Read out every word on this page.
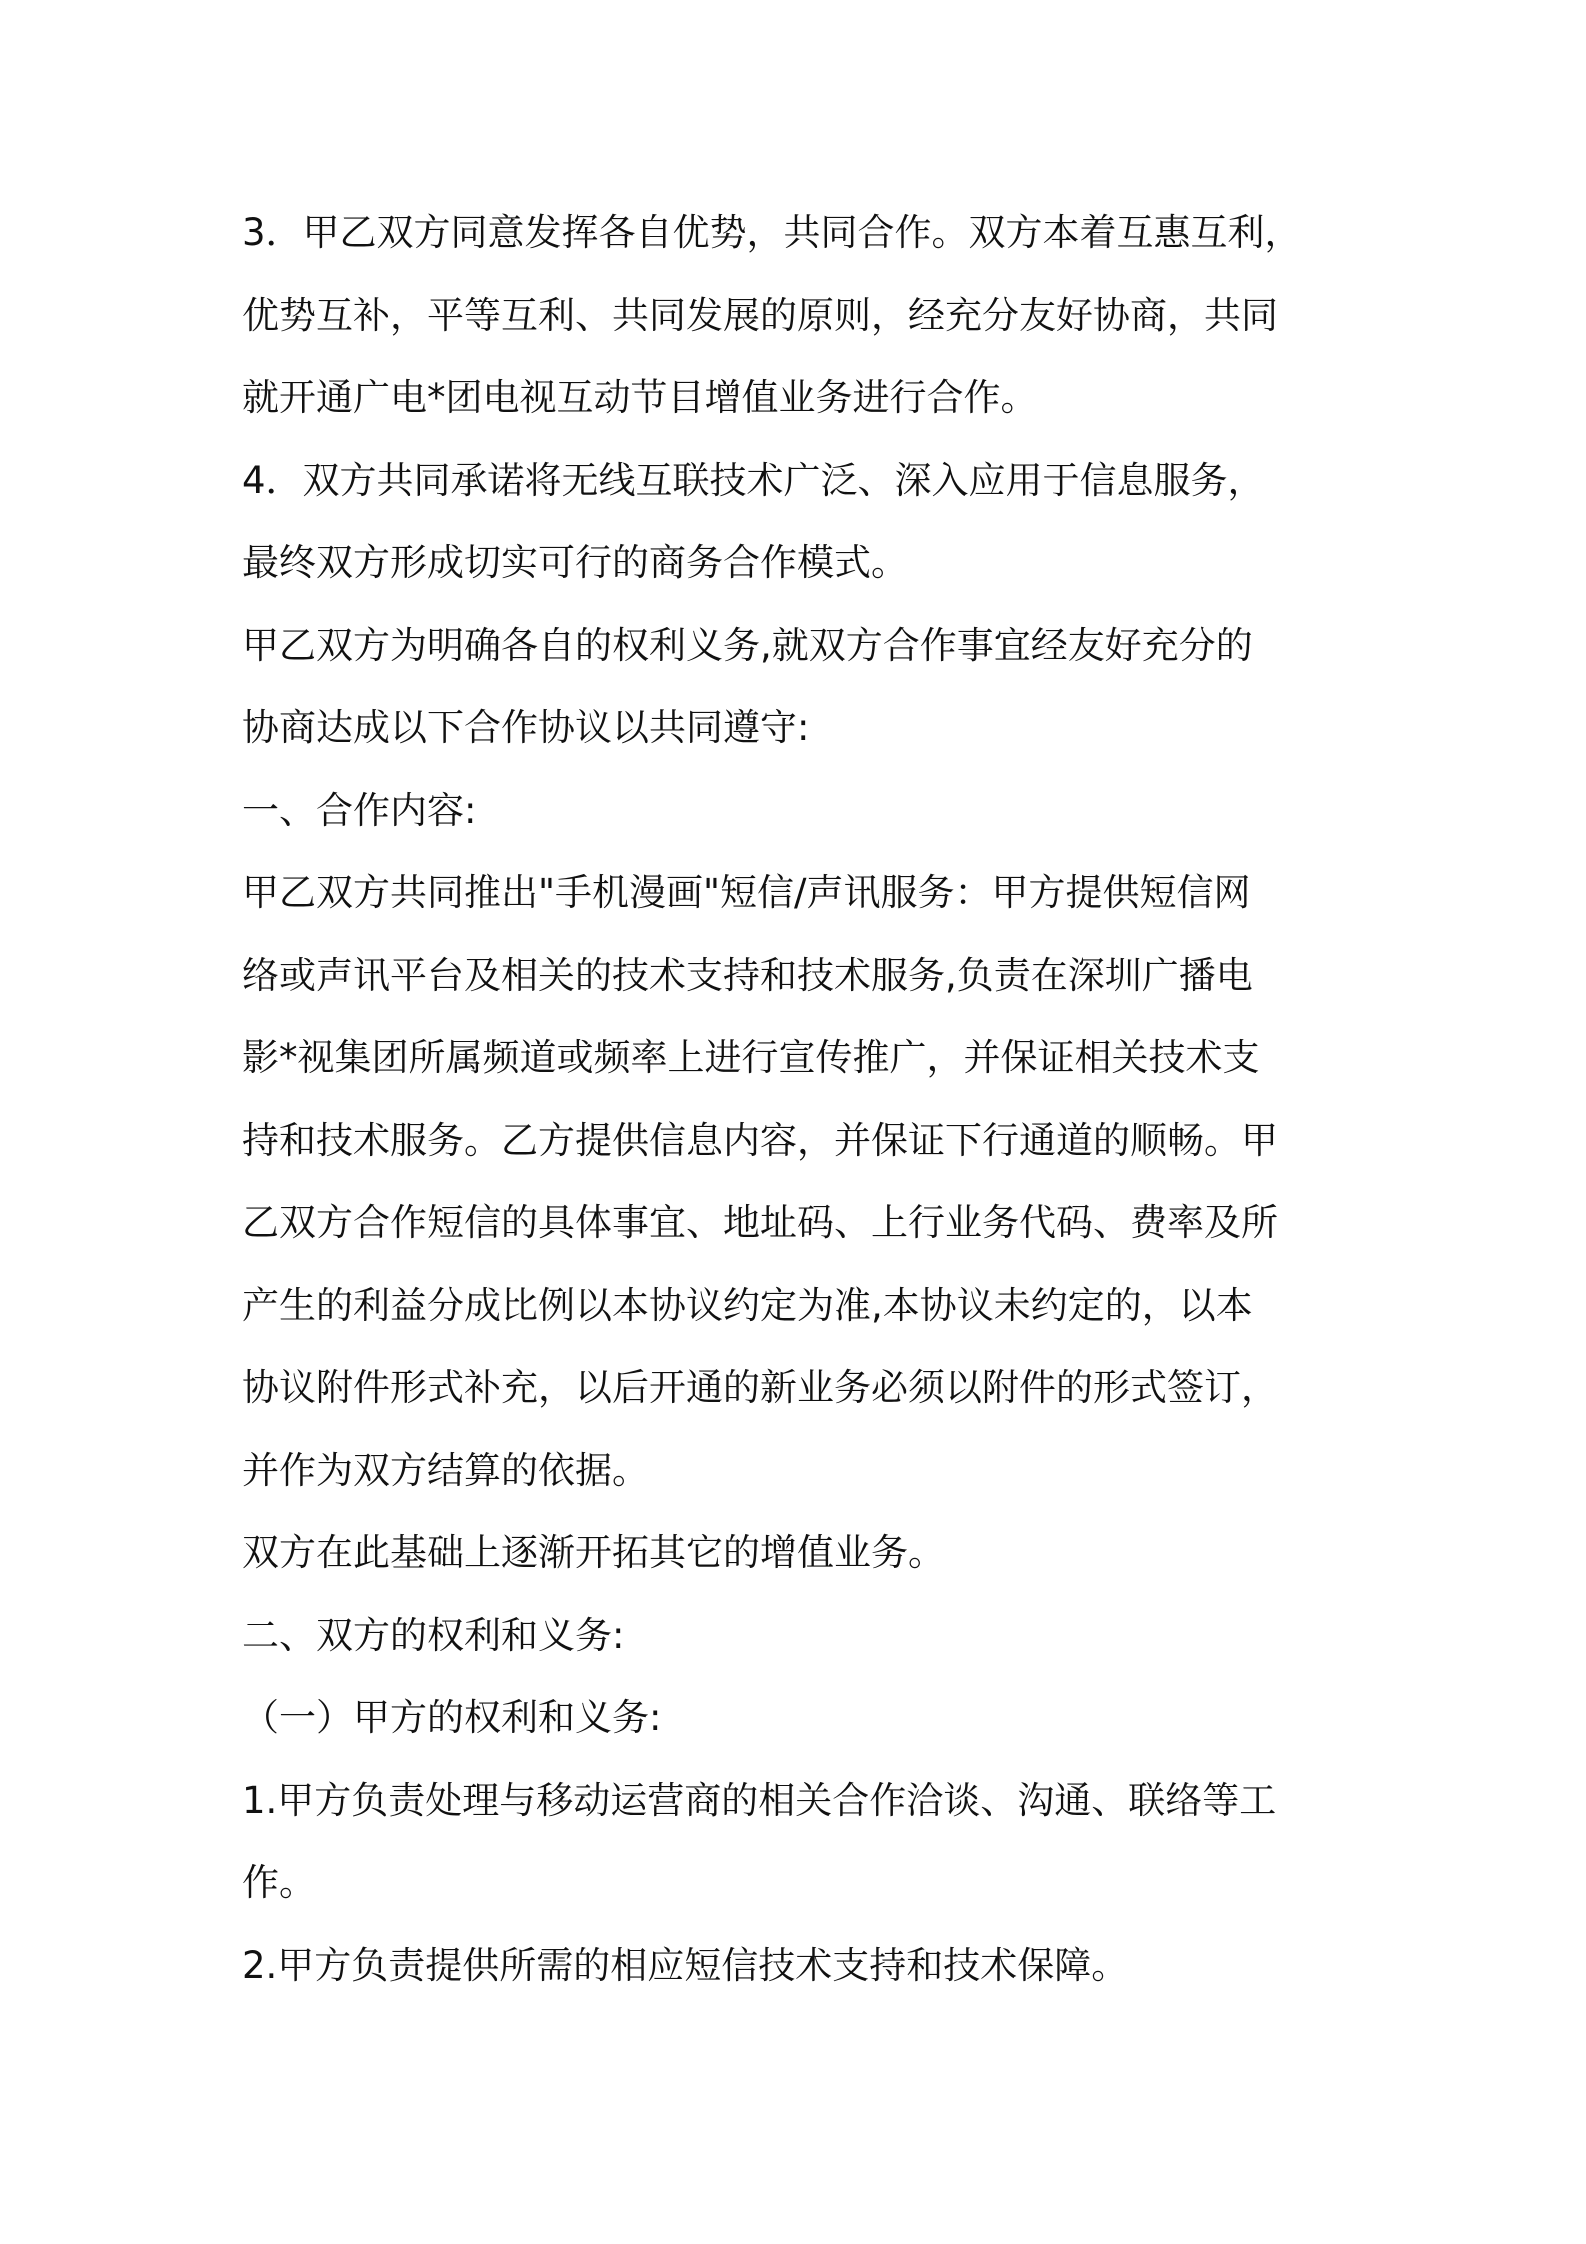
3．甲乙双方同意发挥各自优势，共同合作。双方本着互惠互利，
优势互补，平等互利、共同发展的原则，经充分友好协商，共同
就开通广电*团电视互动节目增值业务进行合作。
4．双方共同承诺将无线互联技术广泛、深入应用于信息服务，
最终双方形成切实可行的商务合作模式。
甲乙双方为明确各自的权利义务,就双方合作事宜经友好充分的
协商达成以下合作协议以共同遵守:
一、合作内容:
甲乙双方共同推出"手机漫画"短信/声讯服务：甲方提供短信网
络或声讯平台及相关的技术支持和技术服务,负责在深圳广播电
影*视集团所属频道或频率上进行宣传推广，并保证相关技术支
持和技术服务。乙方提供信息内容，并保证下行通道的顺畅。甲
乙双方合作短信的具体事宜、地址码、上行业务代码、费率及所
产生的利益分成比例以本协议约定为准,本协议未约定的，以本
协议附件形式补充，以后开通的新业务必须以附件的形式签订，
并作为双方结算的依据。
双方在此基础上逐渐开拓其它的增值业务。
二、双方的权利和义务:
（一）甲方的权利和义务:
1.甲方负责处理与移动运营商的相关合作洽谈、沟通、联络等工
作。
2.甲方负责提供所需的相应短信技术支持和技术保障。
